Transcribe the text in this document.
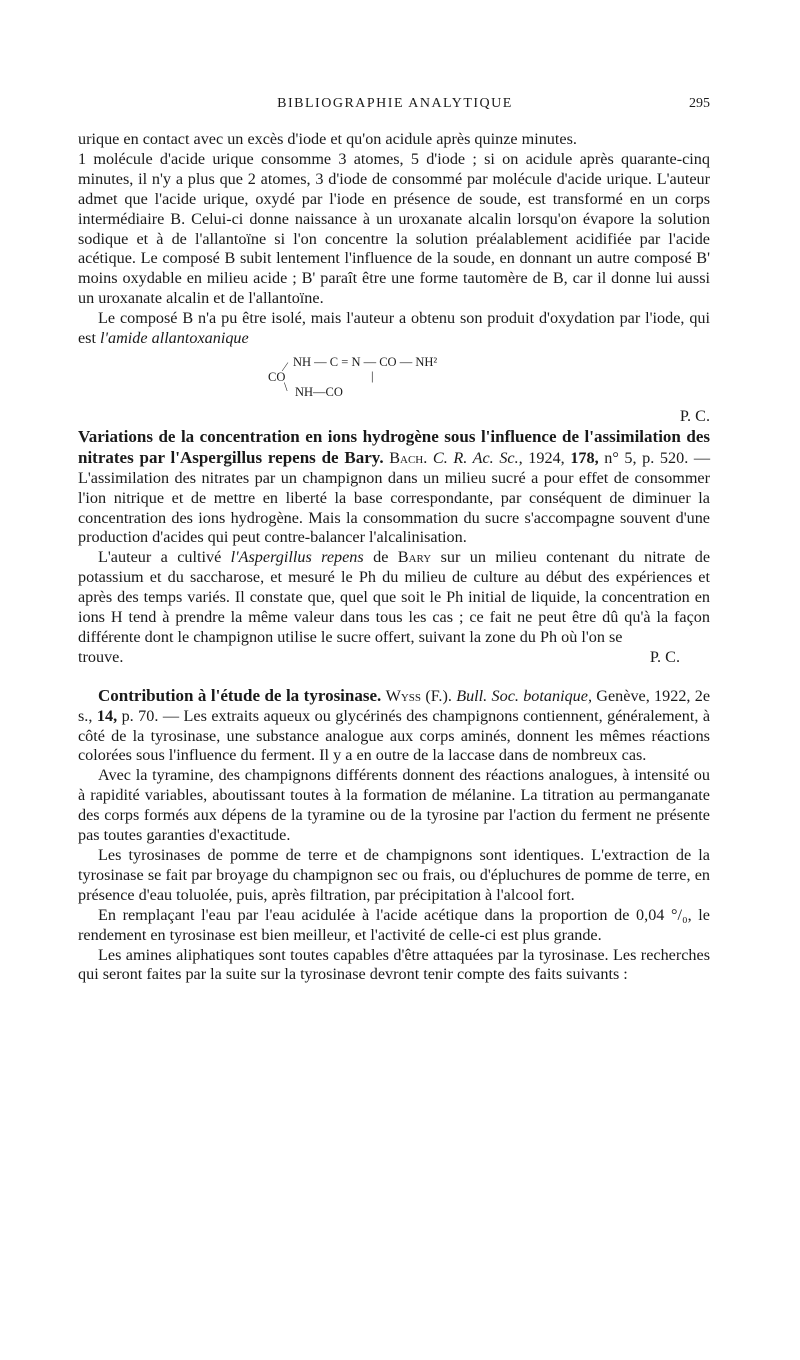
BIBLIOGRAPHIE ANALYTIQUE	295

urique en contact avec un excès d'iode et qu'on acidule après quinze minutes.

1 molécule d'acide urique consomme 3 atomes, 5 d'iode ; si on acidule après quarante-cinq minutes, il n'y a plus que 2 atomes, 3 d'iode de consommé par molécule d'acide urique. L'auteur admet que l'acide urique, oxydé par l'iode en présence de soude, est transformé en un corps intermédiaire B. Celui-ci donne naissance à un uroxanate alcalin lorsqu'on évapore la solution sodique et à de l'allantoïne si l'on concentre la solution préalablement acidifiée par l'acide acétique. Le composé B subit lentement l'influence de la soude, en donnant un autre composé B' moins oxydable en milieu acide ; B' paraît être une forme tautomère de B, car il donne lui aussi un uroxanate alcalin et de l'allantoïne.

Le composé B n'a pu être isolé, mais l'auteur a obtenu son produit d'oxydation par l'iode, qui est l'amide allantoxanique

⁄ NH — C = N — CO — NH²
CO	|
\ NH—CO

P. C.

Variations de la concentration en ions hydrogène sous l'influence de l'assimilation des nitrates par l'Aspergillus repens de Bary. Bach. C. R. Ac. Sc., 1924, 178, n° 5, p. 520. — L'assimilation des nitrates par un champignon dans un milieu sucré a pour effet de consommer l'ion nitrique et de mettre en liberté la base correspondante, par conséquent de diminuer la concentration des ions hydrogène. Mais la consommation du sucre s'accompagne souvent d'une production d'acides qui peut contre-balancer l'alcalinisation.

L'auteur a cultivé l'Aspergillus repens de Bary sur un milieu contenant du nitrate de potassium et du saccharose, et mesuré le Ph du milieu de culture au début des expériences et après des temps variés. Il constate que, quel que soit le Ph initial de liquide, la concentration en ions H tend à prendre la même valeur dans tous les cas ; ce fait ne peut être dû qu'à la façon différente dont le champignon utilise le sucre offert, suivant la zone du Ph où l'on se

trouve.	P. C.

Contribution à l'étude de la tyrosinase. Wyss (F.). Bull. Soc. botanique, Genève, 1922, 2e s., 14, p. 70. — Les extraits aqueux ou glycérinés des champignons contiennent, généralement, à côté de la tyrosinase, une substance analogue aux corps aminés, donnent les mêmes réactions colorées sous l'influence du ferment. Il y a en outre de la laccase dans de nombreux cas.

Avec la tyramine, des champignons différents donnent des réactions analogues, à intensité ou à rapidité variables, aboutissant toutes à la formation de mélanine. La titration au permanganate des corps formés aux dépens de la tyramine ou de la tyrosine par l'action du ferment ne présente pas toutes garanties d'exactitude.

Les tyrosinases de pomme de terre et de champignons sont identiques. L'extraction de la tyrosinase se fait par broyage du champignon sec ou frais, ou d'épluchures de pomme de terre, en présence d'eau toluolée, puis, après filtration, par précipitation à l'alcool fort.

En remplaçant l'eau par l'eau acidulée à l'acide acétique dans la proportion de 0,04 °/₀, le rendement en tyrosinase est bien meilleur, et l'activité de celle-ci est plus grande.

Les amines aliphatiques sont toutes capables d'être attaquées par la tyrosinase. Les recherches qui seront faites par la suite sur la tyrosinase devront tenir compte des faits suivants :
